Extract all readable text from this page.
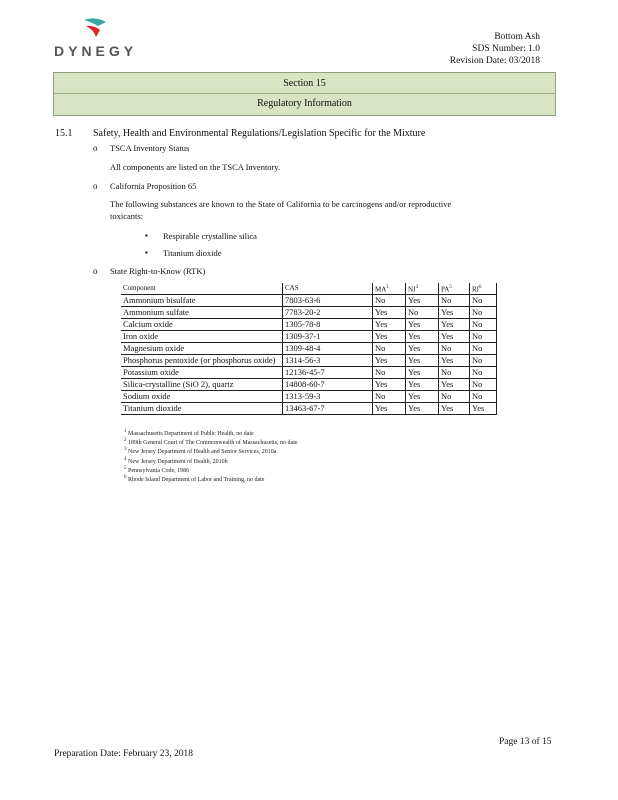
DYNEGY
Bottom Ash
SDS Number: 1.0
Revision Date: 03/2018
Section 15
Regulatory Information
15.1 Safety, Health and Environmental Regulations/Legislation Specific for the Mixture
o TSCA Inventory Status
All components are listed on the TSCA Inventory.
o California Proposition 65
The following substances are known to the State of California to be carcinogens and/or reproductive
toxicants:
▪ Respirable crystalline silica
▪ Titanium dioxide
o State Right-to-Know (RTK)
Component	CAS	$MA^1$	$NJ^3$	$PA^5$	$RI^6$
Ammonium bisulfate	7803-63-6	No	Yes	No	No
Ammonium sulfate	7783-20-2	Yes	No	Yes	No
Calcium oxide	1305-78-8	Yes	Yes	Yes	No
Iron oxide	1309-37-1	Yes	Yes	Yes	No
Magnesium oxide	1309-48-4	No	Yes	No	No
Phosphorus pentoxide (or phosphorus oxide)	1314-56-3	Yes	Yes	Yes	No
Potassium oxide	12136-45-7	No	Yes	No	No
Silica-crystalline (SiO 2), quartz	14808-60-7	Yes	Yes	Yes	No
Sodium oxide	1313-59-3	No	Yes	No	No
Titanium dioxide	13463-67-7	Yes	Yes	Yes	Yes
$^1$ Massachusetts Department of Public Health, no date
$^2$ 189th General Court of The Commonwealth of Massachusetts, no date
$^3$ New Jersey Department of Health and Senior Services, 2010a
$^4$ New Jersey Department of Health, 2010b
$^5$ Pennsylvania Code, 1986
$^6$ Rhode Island Department of Labor and Training, no date
Page 13 of 15
Preparation Date: February 23, 2018
